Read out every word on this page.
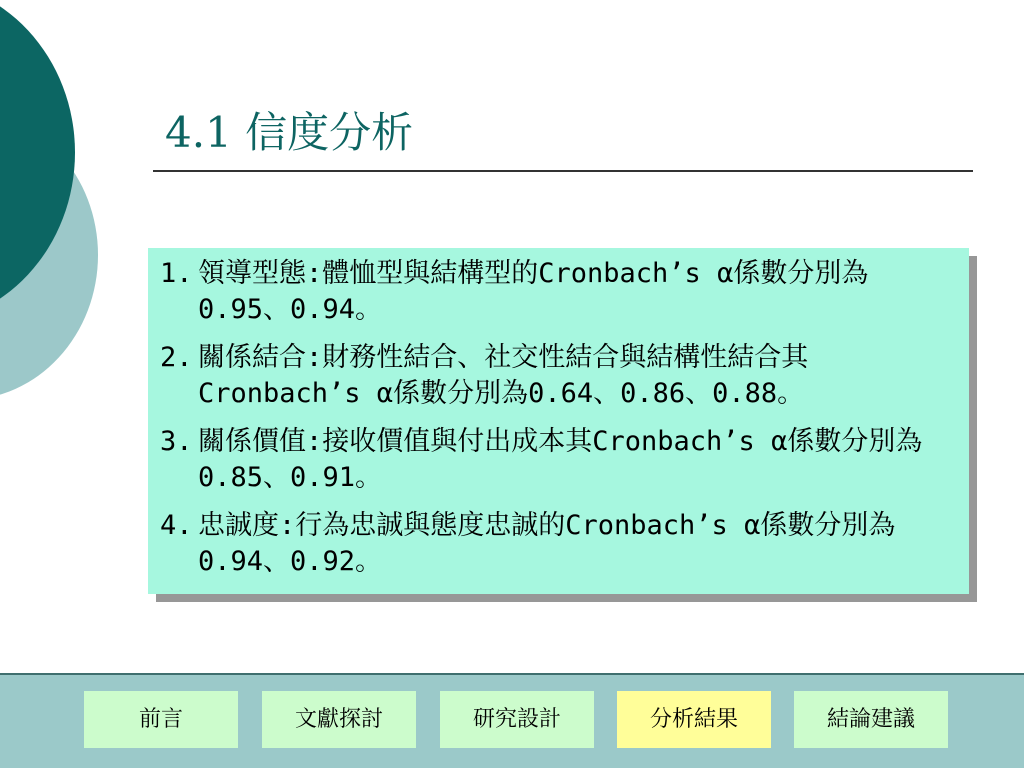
4.1 信度分析
1. 領導型態:體恤型與結構型的Cronbach’s α係數分別為0.95、0.94。
2. 關係結合:財務性結合、社交性結合與結構性結合其Cronbach’s α係數分別為0.64、0.86、0.88。
3. 關係價值:接收價值與付出成本其Cronbach’s α係數分別為0.85、0.91。
4. 忠誠度:行為忠誠與態度忠誠的Cronbach’s α係數分別為0.94、0.92。
前言	文獻探討	研究設計	分析結果	結論建議
